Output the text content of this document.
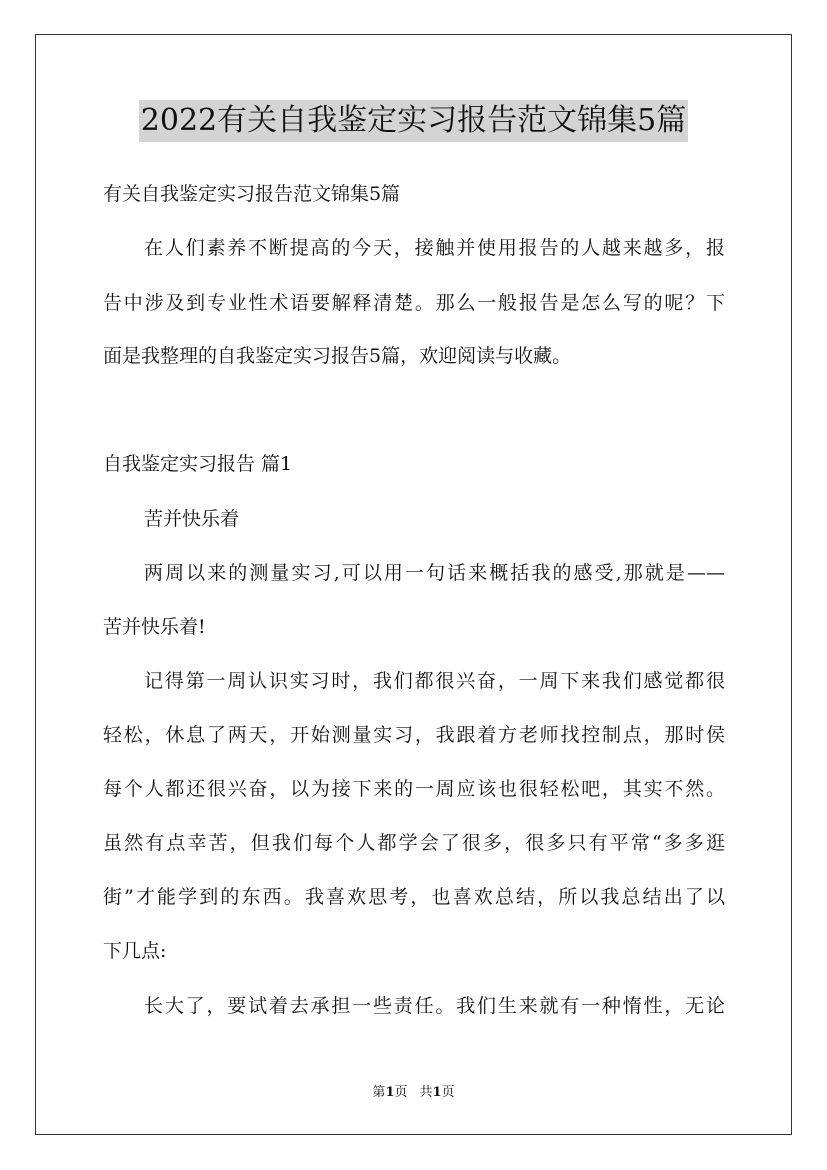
2022有关自我鉴定实习报告范文锦集5篇
有关自我鉴定实习报告范文锦集5篇
在人们素养不断提高的今天，接触并使用报告的人越来越多，报
告中涉及到专业性术语要解释清楚。那么一般报告是怎么写的呢？下
面是我整理的自我鉴定实习报告5篇，欢迎阅读与收藏。
自我鉴定实习报告 篇1
苦并快乐着
两周以来的测量实习,可以用一句话来概括我的感受,那就是——
苦并快乐着!
记得第一周认识实习时，我们都很兴奋，一周下来我们感觉都很
轻松，休息了两天，开始测量实习，我跟着方老师找控制点，那时侯
每个人都还很兴奋，以为接下来的一周应该也很轻松吧，其实不然。
虽然有点幸苦，但我们每个人都学会了很多，很多只有平常“多多逛
街”才能学到的东西。我喜欢思考，也喜欢总结，所以我总结出了以
下几点:
长大了，要试着去承担一些责任。我们生来就有一种惰性，无论
第1页 共1页
